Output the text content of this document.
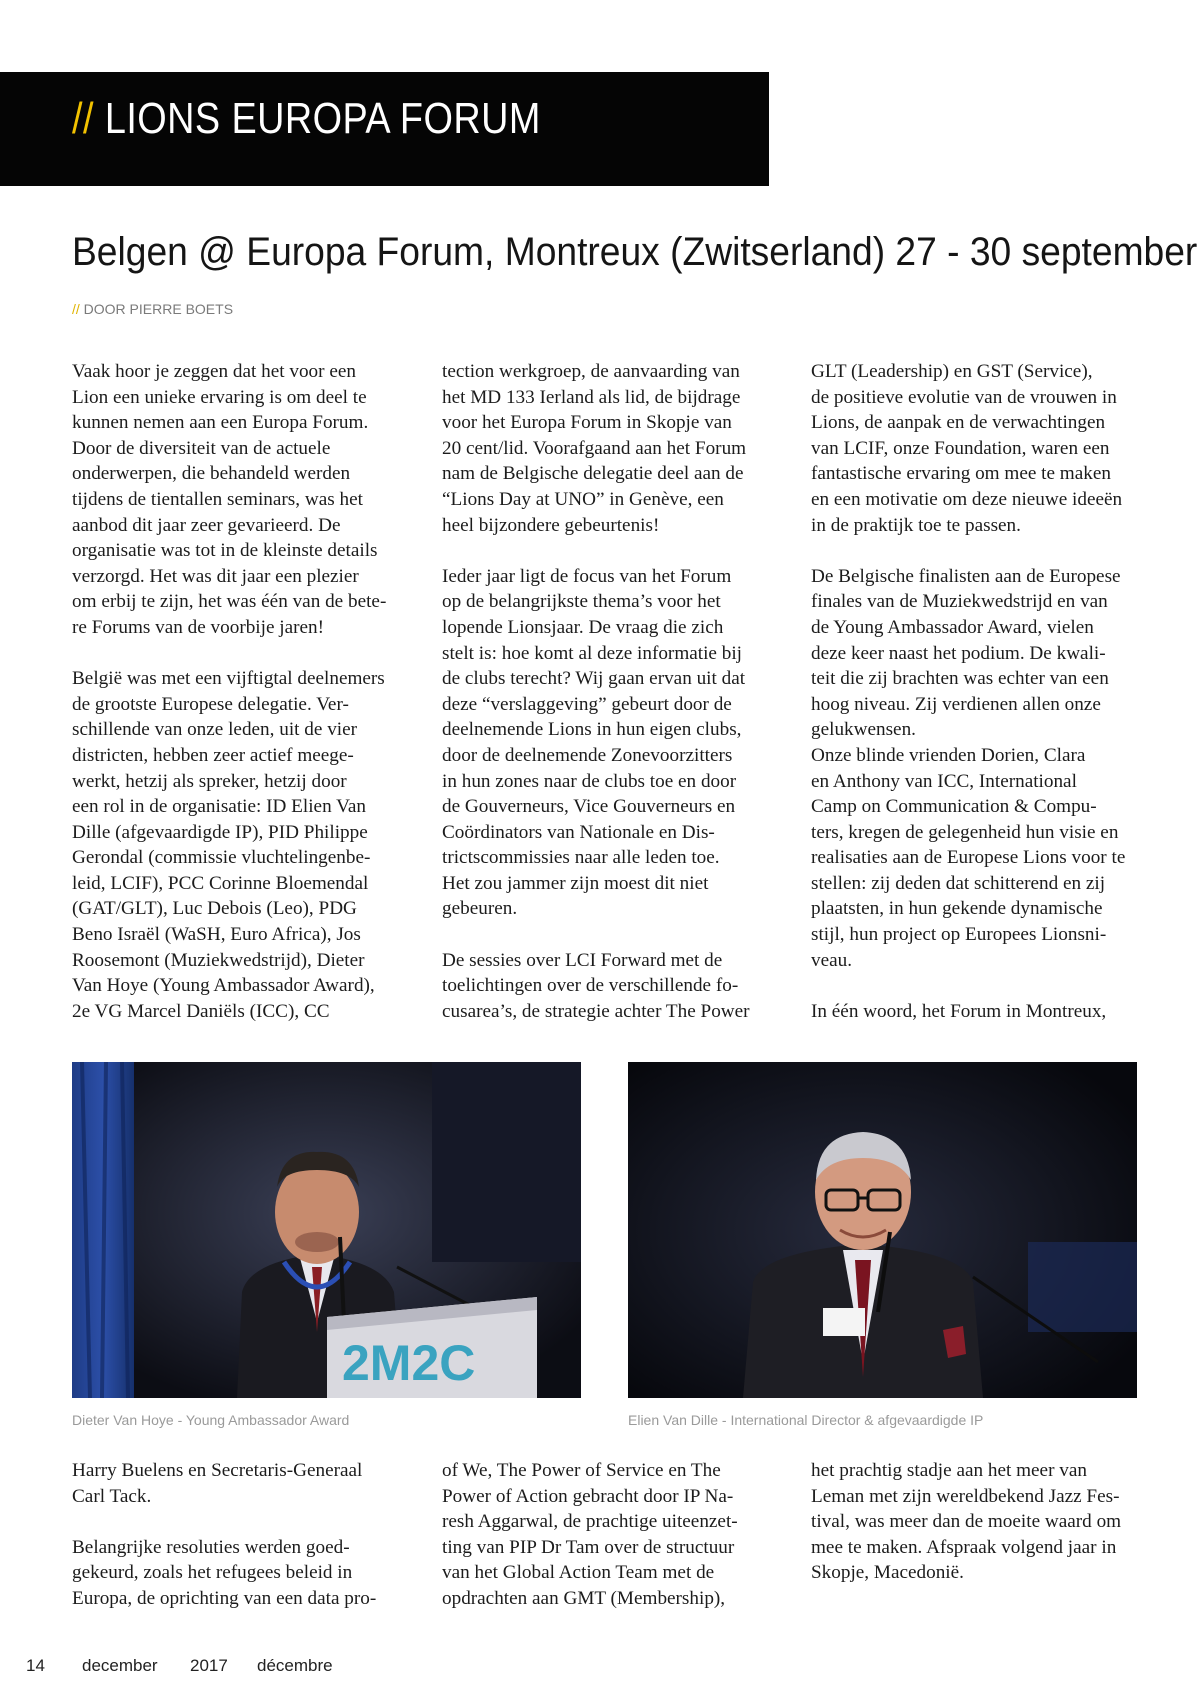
// LIONS EUROPA FORUM
Belgen @ Europa Forum, Montreux (Zwitserland) 27 - 30 september
// DOOR PIERRE BOETS
Vaak hoor je zeggen dat het voor een
Lion een unieke ervaring is om deel te
kunnen nemen aan een Europa Forum.
Door de diversiteit van de actuele
onderwerpen, die behandeld werden
tijdens de tientallen seminars, was het
aanbod dit jaar zeer gevarieerd. De
organisatie was tot in de kleinste details
verzorgd. Het was dit jaar een plezier
om erbij te zijn, het was één van de bete-
re Forums van de voorbije jaren!
België was met een vijftigtal deelnemers
de grootste Europese delegatie. Ver-
schillende van onze leden, uit de vier
districten, hebben zeer actief meege-
werkt, hetzij als spreker, hetzij door
een rol in de organisatie: ID Elien Van
Dille (afgevaardigde IP), PID Philippe
Gerondal (commissie vluchtelingenbe-
leid, LCIF), PCC Corinne Bloemendal
(GAT/GLT), Luc Debois (Leo), PDG
Beno Israël (WaSH, Euro Africa), Jos
Roosemont (Muziekwedstrijd), Dieter
Van Hoye (Young Ambassador Award),
2e VG Marcel Daniëls (ICC), CC
tection werkgroep, de aanvaarding van
het MD 133 Ierland als lid, de bijdrage
voor het Europa Forum in Skopje van
20 cent/lid. Voorafgaand aan het Forum
nam de Belgische delegatie deel aan de
“Lions Day at UNO” in Genève, een
heel bijzondere gebeurtenis!
Ieder jaar ligt de focus van het Forum
op de belangrijkste thema’s voor het
lopende Lionsjaar. De vraag die zich
stelt is: hoe komt al deze informatie bij
de clubs terecht? Wij gaan ervan uit dat
deze “verslaggeving” gebeurt door de
deelnemende Lions in hun eigen clubs,
door de deelnemende Zonevoorzitters
in hun zones naar de clubs toe en door
de Gouverneurs, Vice Gouverneurs en
Coördinators van Nationale en Dis-
trictscommissies naar alle leden toe.
Het zou jammer zijn moest dit niet
gebeuren.
De sessies over LCI Forward met de
toelichtingen over de verschillende fo-
cusarea’s, de strategie achter The Power
GLT (Leadership) en GST (Service),
de positieve evolutie van de vrouwen in
Lions, de aanpak en de verwachtingen
van LCIF, onze Foundation, waren een
fantastische ervaring om mee te maken
en een motivatie om deze nieuwe ideeën
in de praktijk toe te passen.
De Belgische finalisten aan de Europese
finales van de Muziekwedstrijd en van
de Young Ambassador Award, vielen
deze keer naast het podium. De kwali-
teit die zij brachten was echter van een
hoog niveau. Zij verdienen allen onze
gelukwensen.
Onze blinde vrienden Dorien, Clara
en Anthony van ICC, International
Camp on Communication & Compu-
ters, kregen de gelegenheid hun visie en
realisaties aan de Europese Lions voor te
stellen: zij deden dat schitterend en zij
plaatsten, in hun gekende dynamische
stijl, hun project op Europees Lionsni-
veau.
In één woord, het Forum in Montreux,
2M2C
Dieter Van Hoye - Young Ambassador Award	Elien Van Dille - International Director & afgevaardigde IP
Harry Buelens en Secretaris-Generaal
Carl Tack.
Belangrijke resoluties werden goed-
gekeurd, zoals het refugees beleid in
Europa, de oprichting van een data pro-
of We, The Power of Service en The
Power of Action gebracht door IP Na-
resh Aggarwal, de prachtige uiteenzet-
ting van PIP Dr Tam over de structuur
van het Global Action Team met de
opdrachten aan GMT (Membership),
het prachtig stadje aan het meer van
Leman met zijn wereldbekend Jazz Fes-
tival, was meer dan de moeite waard om
mee te maken. Afspraak volgend jaar in
Skopje, Macedonië.
14 december 2017 décembre
